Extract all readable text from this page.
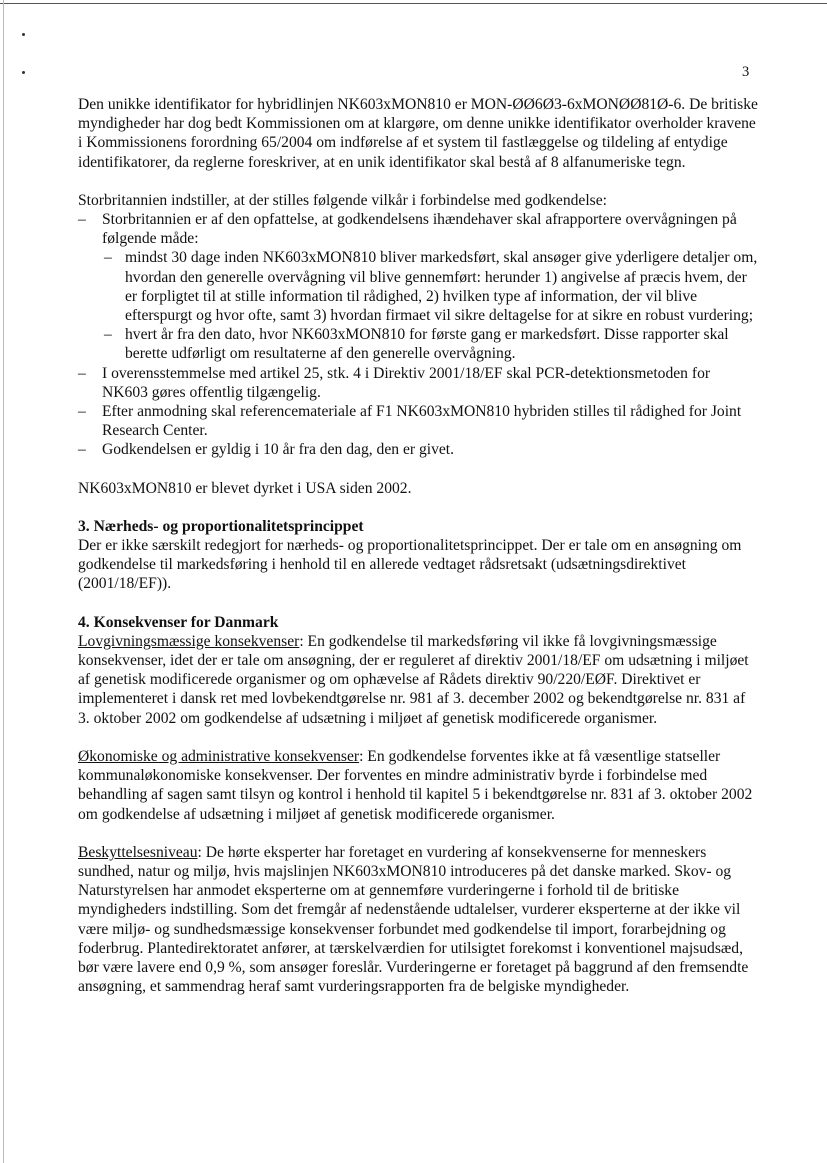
3

Den unikke identifikator for hybridlinjen NK603xMON810 er MON-ØØ6Ø3-6xMONØØ81Ø-6. De britiske myndigheder har dog bedt Kommissionen om at klargøre, om denne unikke identifikator overholder kravene i Kommissionens forordning 65/2004 om indførelse af et system til fastlæggelse og tildeling af entydige identifikatorer, da reglerne foreskriver, at en unik identifikator skal bestå af 8 alfanumeriske tegn.

Storbritannien indstiller, at der stilles følgende vilkår i forbindelse med godkendelse:

– Storbritannien er af den opfattelse, at godkendelsens ihændehaver skal afrapportere overvågningen på følgende måde:
– mindst 30 dage inden NK603xMON810 bliver markedsført, skal ansøger give yderligere detaljer om, hvordan den generelle overvågning vil blive gennemført: herunder 1) angivelse af præcis hvem, der er forpligtet til at stille information til rådighed, 2) hvilken type af information, der vil blive efterspurgt og hvor ofte, samt 3) hvordan firmaet vil sikre deltagelse for at sikre en robust vurdering;
– hvert år fra den dato, hvor NK603xMON810 for første gang er markedsført. Disse rapporter skal berette udførligt om resultaterne af den generelle overvågning.
– I overensstemmelse med artikel 25, stk. 4 i Direktiv 2001/18/EF skal PCR-detektionsmetoden for NK603 gøres offentlig tilgængelig.
– Efter anmodning skal referencemateriale af F1 NK603xMON810 hybriden stilles til rådighed for Joint Research Center.
– Godkendelsen er gyldig i 10 år fra den dag, den er givet.

NK603xMON810 er blevet dyrket i USA siden 2002.

3. Nærheds- og proportionalitetsprincippet

Der er ikke særskilt redegjort for nærheds- og proportionalitetsprincippet. Der er tale om en ansøgning om godkendelse til markedsføring i henhold til en allerede vedtaget rådsretsakt (udsætningsdirektivet (2001/18/EF)).

4. Konsekvenser for Danmark

Lovgivningsmæssige konsekvenser: En godkendelse til markedsføring vil ikke få lovgivningsmæssige konsekvenser, idet der er tale om ansøgning, der er reguleret af direktiv 2001/18/EF om udsætning i miljøet af genetisk modificerede organismer og om ophævelse af Rådets direktiv 90/220/EØF. Direktivet er implementeret i dansk ret med lovbekendtgørelse nr. 981 af 3. december 2002 og bekendtgørelse nr. 831 af 3. oktober 2002 om godkendelse af udsætning i miljøet af genetisk modificerede organismer.

Økonomiske og administrative konsekvenser: En godkendelse forventes ikke at få væsentlige statseller kommunaløkonomiske konsekvenser. Der forventes en mindre administrativ byrde i forbindelse med behandling af sagen samt tilsyn og kontrol i henhold til kapitel 5 i bekendtgørelse nr. 831 af 3. oktober 2002 om godkendelse af udsætning i miljøet af genetisk modificerede organismer.

Beskyttelsesniveau: De hørte eksperter har foretaget en vurdering af konsekvenserne for menneskers sundhed, natur og miljø, hvis majslinjen NK603xMON810 introduceres på det danske marked. Skov- og Naturstyrelsen har anmodet eksperterne om at gennemføre vurderingerne i forhold til de britiske myndigheders indstilling. Som det fremgår af nedenstående udtalelser, vurderer eksperterne at der ikke vil være miljø- og sundhedsmæssige konsekvenser forbundet med godkendelse til import, forarbejdning og foderbrug. Plantedirektoratet anfører, at tærskelværdien for utilsigtet forekomst i konventionel majsudsæd, bør være lavere end 0,9 %, som ansøger foreslår. Vurderingerne er foretaget på baggrund af den fremsendte ansøgning, et sammendrag heraf samt vurderingsrapporten fra de belgiske myndigheder.
